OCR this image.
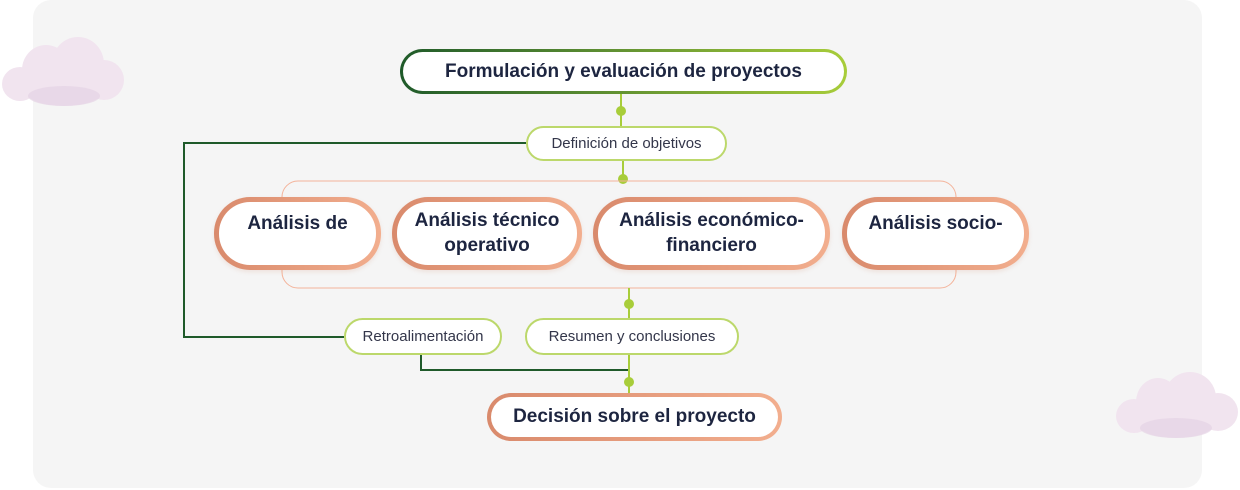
Formulación y evaluación de proyectos
Definición de objetivos
Análisis de	Análisis técnico operativo
Análisis económico-financiero
Análisis socio-
Retroalimentación	Resumen y conclusiones
Decisión sobre el proyecto
